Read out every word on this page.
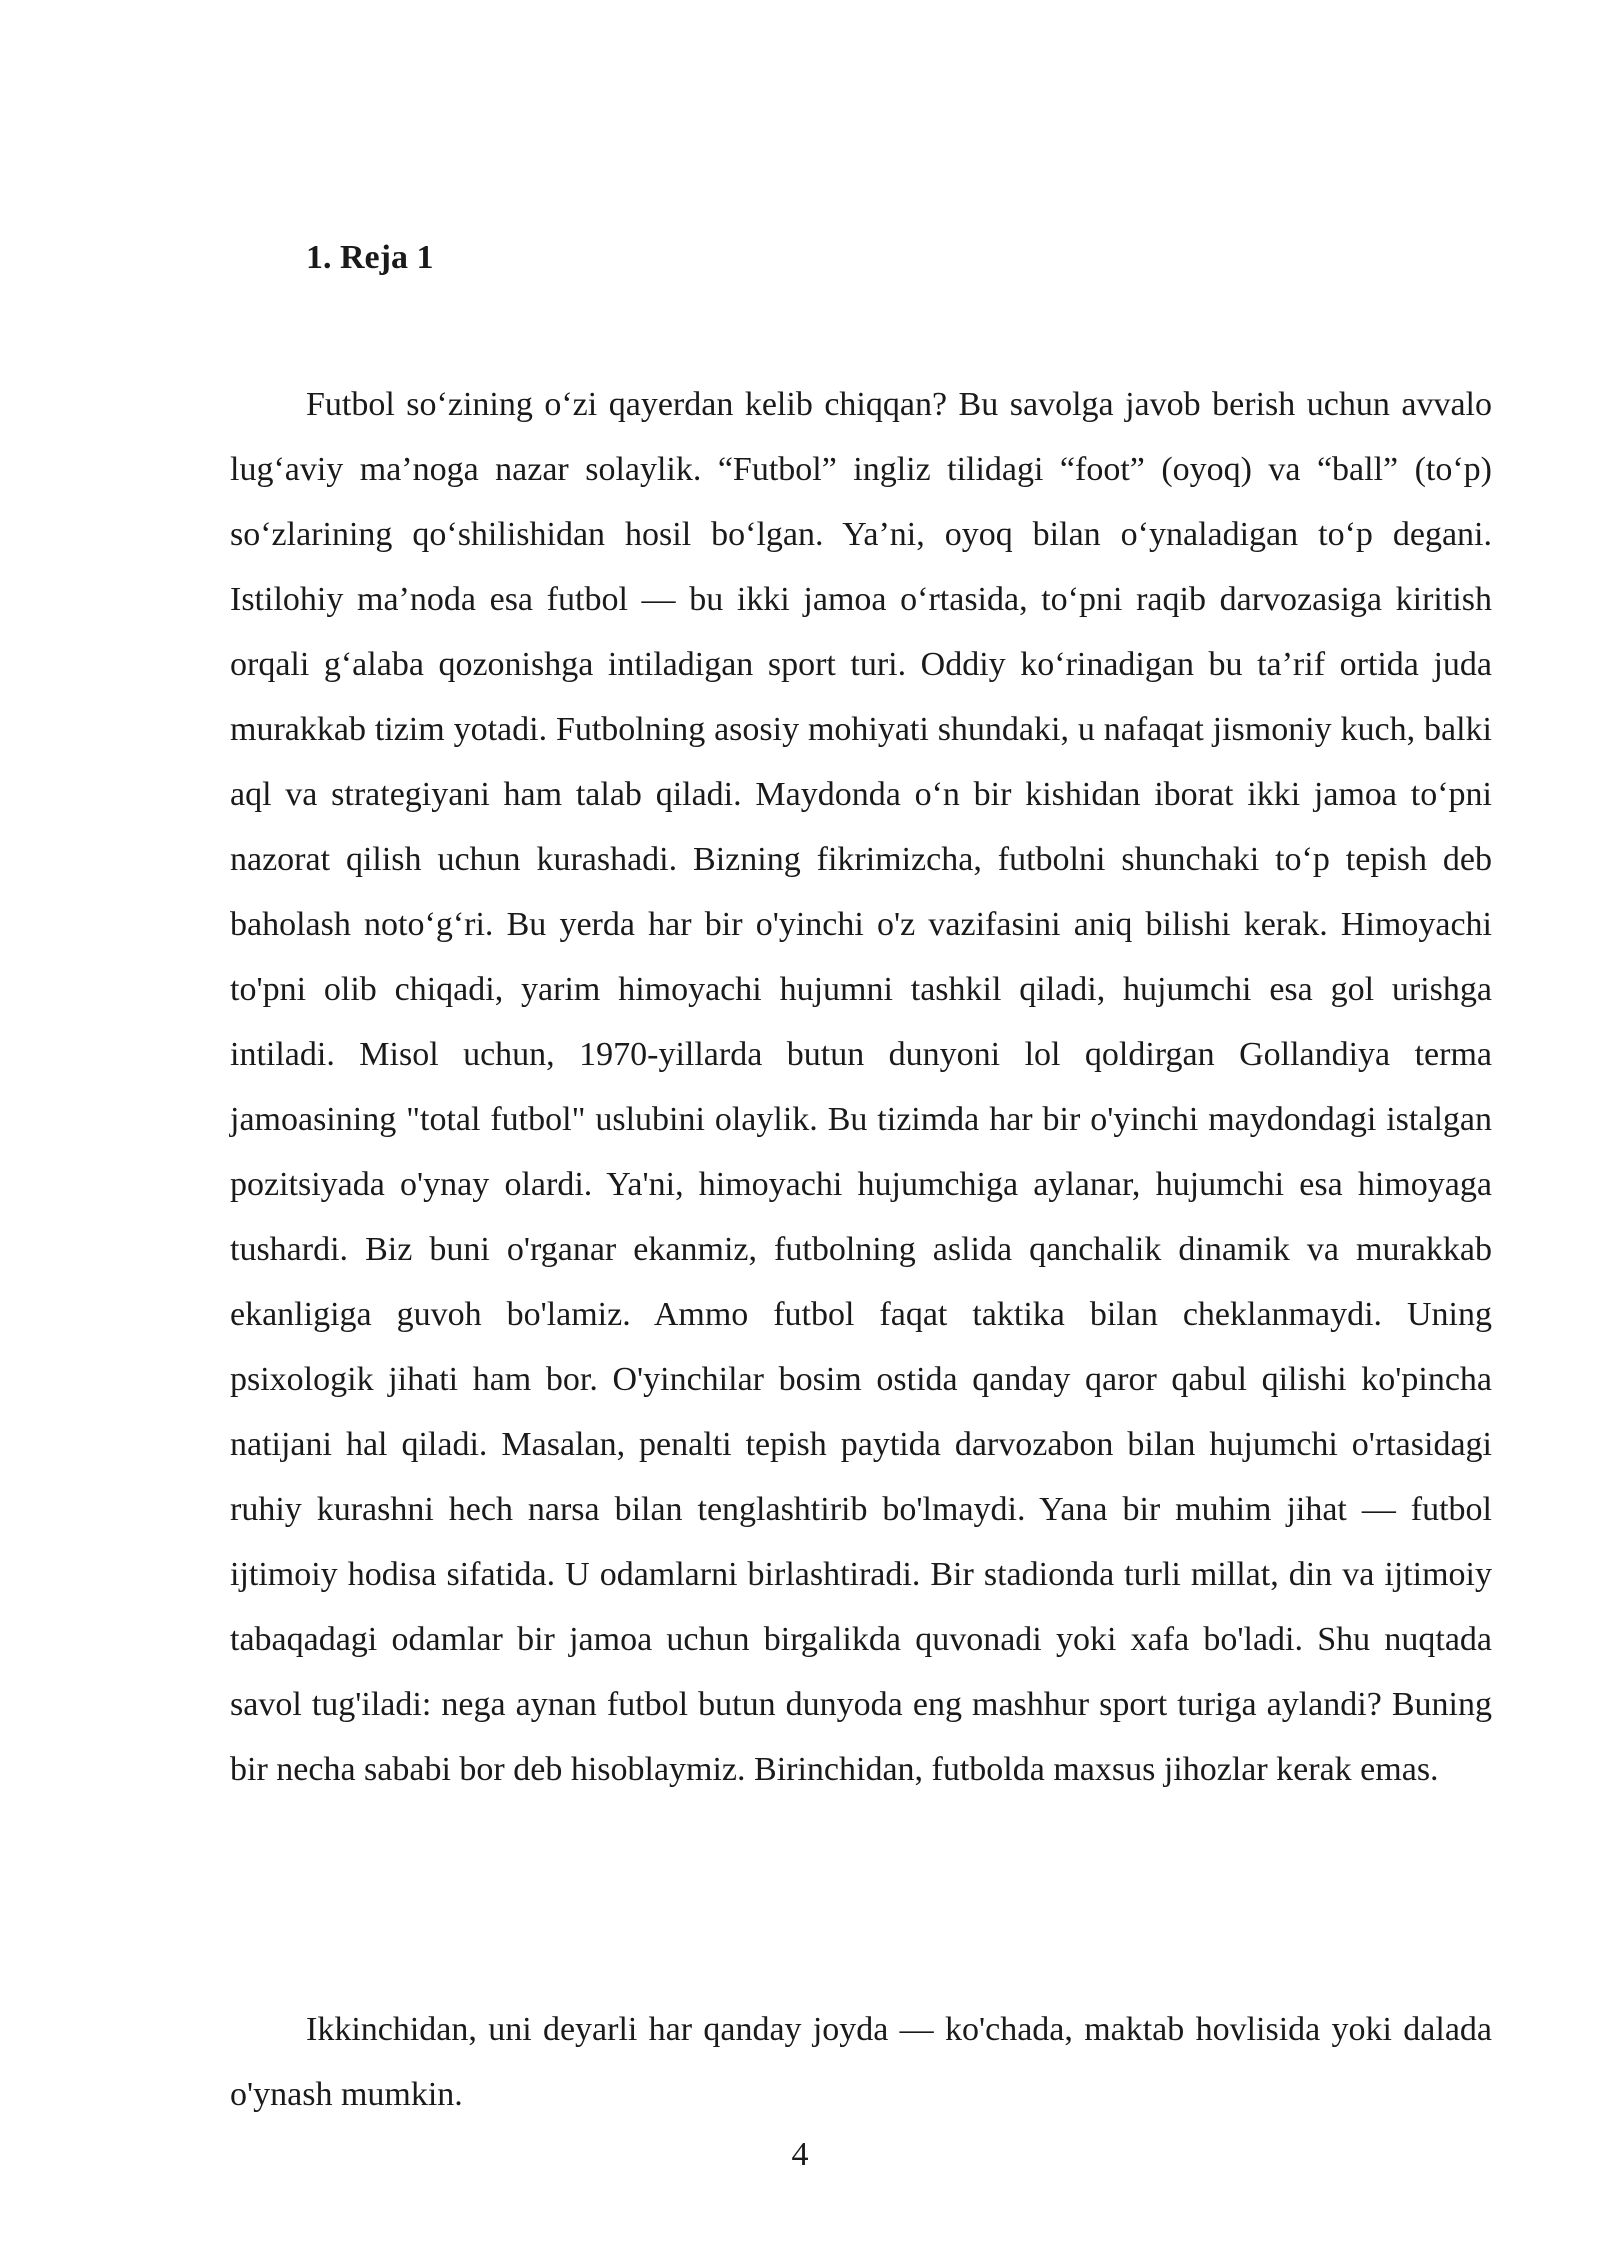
1. Reja 1

Futbol so‘zining o‘zi qayerdan kelib chiqqan? Bu savolga javob berish uchun avvalo lug‘aviy ma’noga nazar solaylik. “Futbol” ingliz tilidagi “foot” (oyoq) va “ball” (to‘p) so‘zlarining qo‘shilishidan hosil bo‘lgan. Ya’ni, oyoq bilan o‘ynaladigan to‘p degani. Istilohiy ma’noda esa futbol — bu ikki jamoa o‘rtasida, to‘pni raqib darvozasiga kiritish orqali g‘alaba qozonishga intiladigan sport turi. Oddiy ko‘rinadigan bu ta’rif ortida juda murakkab tizim yotadi. Futbolning asosiy mohiyati shundaki, u nafaqat jismoniy kuch, balki aql va strategiyani ham talab qiladi. Maydonda o‘n bir kishidan iborat ikki jamoa to‘pni nazorat qilish uchun kurashadi. Bizning fikrimizcha, futbolni shunchaki to‘p tepish deb baholash noto‘g‘ri. Bu yerda har bir o'yinchi o'z vazifasini aniq bilishi kerak. Himoyachi to'pni olib chiqadi, yarim himoyachi hujumni tashkil qiladi, hujumchi esa gol urishga intiladi. Misol uchun, 1970-yillarda butun dunyoni lol qoldirgan Gollandiya terma jamoasining "total futbol" uslubini olaylik. Bu tizimda har bir o'yinchi maydondagi istalgan pozitsiyada o'ynay olardi. Ya'ni, himoyachi hujumchiga aylanar, hujumchi esa himoyaga tushardi. Biz buni o'rganar ekanmiz, futbolning aslida qanchalik dinamik va murakkab ekanligiga guvoh bo'lamiz. Ammo futbol faqat taktika bilan cheklanmaydi. Uning psixologik jihati ham bor. O'yinchilar bosim ostida qanday qaror qabul qilishi ko'pincha natijani hal qiladi. Masalan, penalti tepish paytida darvozabon bilan hujumchi o'rtasidagi ruhiy kurashni hech narsa bilan tenglashtirib bo'lmaydi. Yana bir muhim jihat — futbol ijtimoiy hodisa sifatida. U odamlarni birlashtiradi. Bir stadionda turli millat, din va ijtimoiy tabaqadagi odamlar bir jamoa uchun birgalikda quvonadi yoki xafa bo'ladi. Shu nuqtada savol tug'iladi: nega aynan futbol butun dunyoda eng mashhur sport turiga aylandi? Buning bir necha sababi bor deb hisoblaymiz. Birinchidan, futbolda maxsus jihozlar kerak emas.

Ikkinchidan, uni deyarli har qanday joyda — ko'chada, maktab hovlisida yoki dalada o'ynash mumkin.

4
